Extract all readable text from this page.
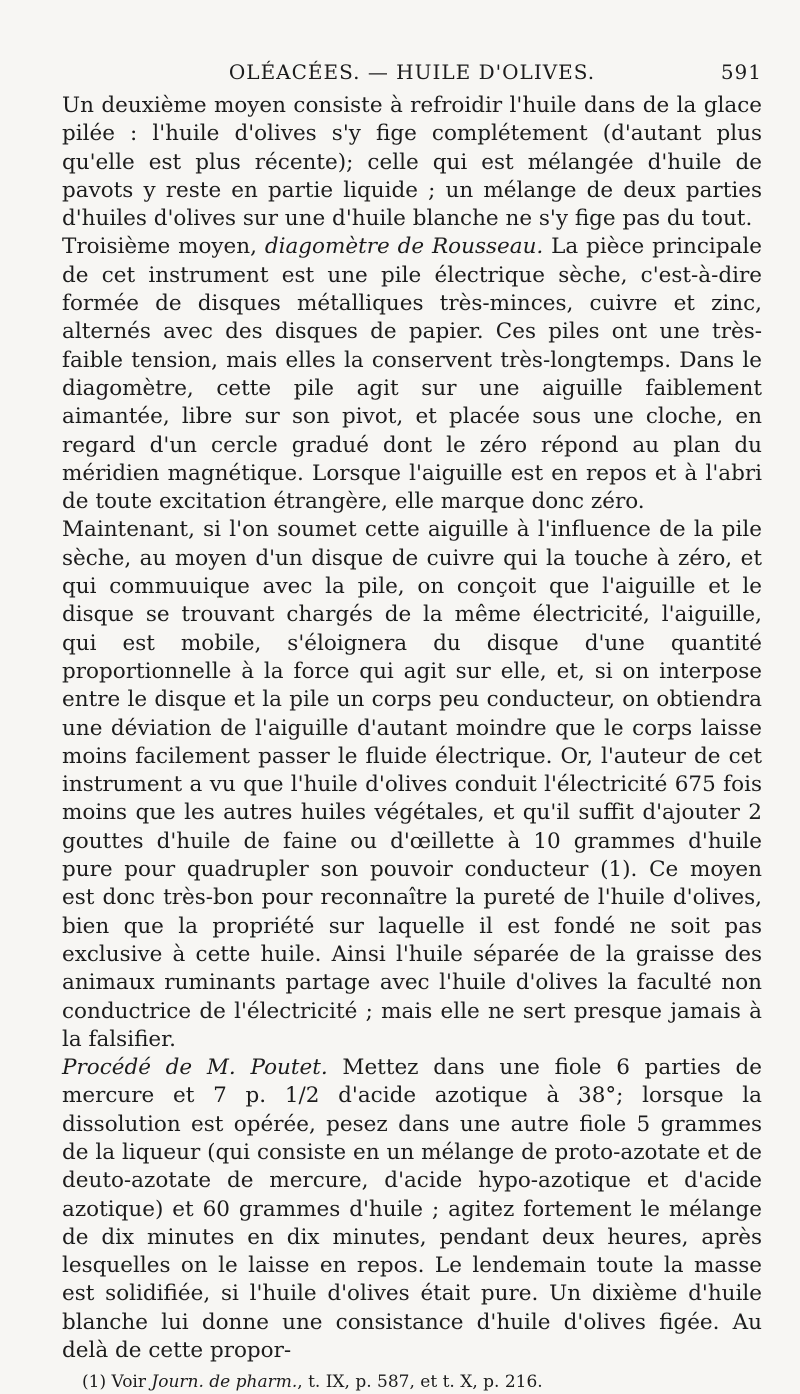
OLÉACÉES. — HUILE D'OLIVES.	591

Un deuxième moyen consiste à refroidir l'huile dans de la glace pilée : l'huile d'olives s'y fige complétement (d'autant plus qu'elle est plus récente); celle qui est mélangée d'huile de pavots y reste en partie liquide ; un mélange de deux parties d'huiles d'olives sur une d'huile blanche ne s'y fige pas du tout.

Troisième moyen, diagomètre de Rousseau. La pièce principale de cet instrument est une pile électrique sèche, c'est-à-dire formée de disques métalliques très-minces, cuivre et zinc, alternés avec des disques de papier. Ces piles ont une très-faible tension, mais elles la conservent très-longtemps. Dans le diagomètre, cette pile agit sur une aiguille faiblement aimantée, libre sur son pivot, et placée sous une cloche, en regard d'un cercle gradué dont le zéro répond au plan du méridien magnétique. Lorsque l'aiguille est en repos et à l'abri de toute excitation étrangère, elle marque donc zéro.

Maintenant, si l'on soumet cette aiguille à l'influence de la pile sèche, au moyen d'un disque de cuivre qui la touche à zéro, et qui commuuique avec la pile, on conçoit que l'aiguille et le disque se trouvant chargés de la même électricité, l'aiguille, qui est mobile, s'éloignera du disque d'une quantité proportionnelle à la force qui agit sur elle, et, si on interpose entre le disque et la pile un corps peu conducteur, on obtiendra une déviation de l'aiguille d'autant moindre que le corps laisse moins facilement passer le fluide électrique. Or, l'auteur de cet instrument a vu que l'huile d'olives conduit l'électricité 675 fois moins que les autres huiles végétales, et qu'il suffit d'ajouter 2 gouttes d'huile de faine ou d'œillette à 10 grammes d'huile pure pour quadrupler son pouvoir conducteur (1). Ce moyen est donc très-bon pour reconnaître la pureté de l'huile d'olives, bien que la propriété sur laquelle il est fondé ne soit pas exclusive à cette huile. Ainsi l'huile séparée de la graisse des animaux ruminants partage avec l'huile d'olives la faculté non conductrice de l'électricité ; mais elle ne sert presque jamais à la falsifier.

Procédé de M. Poutet. Mettez dans une fiole 6 parties de mercure et 7 p. 1/2 d'acide azotique à 38°; lorsque la dissolution est opérée, pesez dans une autre fiole 5 grammes de la liqueur (qui consiste en un mélange de proto-azotate et de deuto-azotate de mercure, d'acide hypo-azotique et d'acide azotique) et 60 grammes d'huile ; agitez fortement le mélange de dix minutes en dix minutes, pendant deux heures, après lesquelles on le laisse en repos. Le lendemain toute la masse est solidifiée, si l'huile d'olives était pure. Un dixième d'huile blanche lui donne une consistance d'huile d'olives figée. Au delà de cette propor-

(1) Voir Journ. de pharm., t. IX, p. 587, et t. X, p. 216.
